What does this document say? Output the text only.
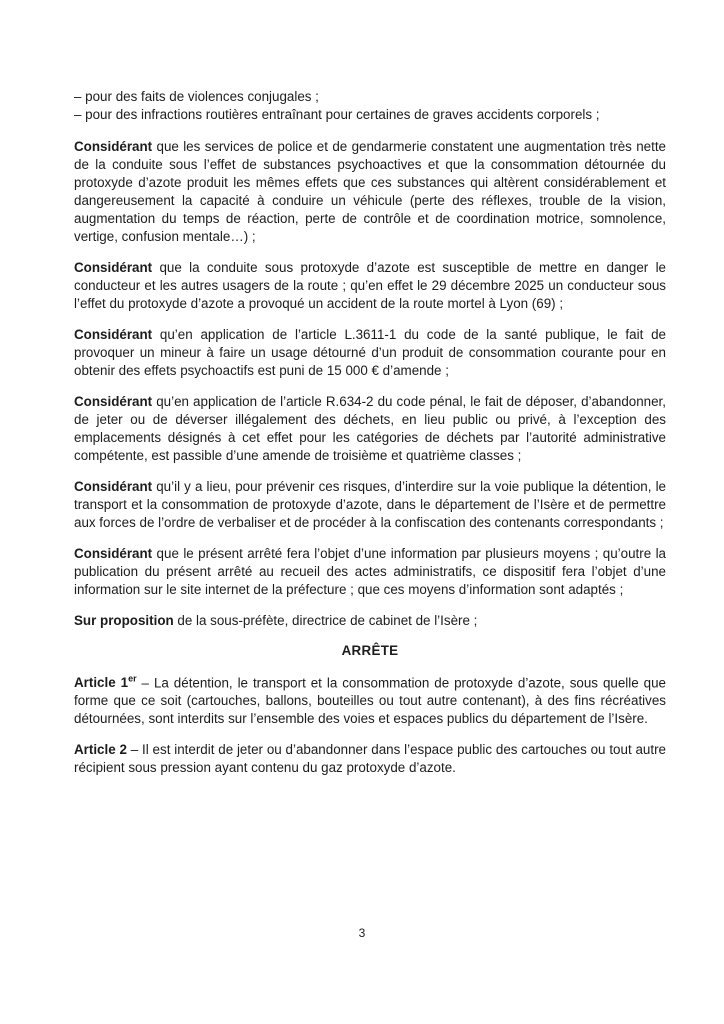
– pour des faits de violences conjugales ;
– pour des infractions routières entraînant pour certaines de graves accidents corporels ;

Considérant que les services de police et de gendarmerie constatent une augmentation très nette de la conduite sous l’effet de substances psychoactives et que la consommation détournée du protoxyde d’azote produit les mêmes effets que ces substances qui altèrent considérablement et dangereusement la capacité à conduire un véhicule (perte des réflexes, trouble de la vision, augmentation du temps de réaction, perte de contrôle et de coordination motrice, somnolence, vertige, confusion mentale…) ;

Considérant que la conduite sous protoxyde d’azote est susceptible de mettre en danger le conducteur et les autres usagers de la route ; qu’en effet le 29 décembre 2025 un conducteur sous l’effet du protoxyde d’azote a provoqué un accident de la route mortel à Lyon (69) ;

Considérant qu’en application de l’article L.3611-1 du code de la santé publique, le fait de provoquer un mineur à faire un usage détourné d’un produit de consommation courante pour en obtenir des effets psychoactifs est puni de 15 000 € d’amende ;

Considérant qu’en application de l’article R.634-2 du code pénal, le fait de déposer, d’abandonner, de jeter ou de déverser illégalement des déchets, en lieu public ou privé, à l’exception des emplacements désignés à cet effet pour les catégories de déchets par l’autorité administrative compétente, est passible d’une amende de troisième et quatrième classes ;

Considérant qu’il y a lieu, pour prévenir ces risques, d’interdire sur la voie publique la détention, le transport et la consommation de protoxyde d’azote, dans le département de l’Isère et de permettre aux forces de l’ordre de verbaliser et de procéder à la confiscation des contenants correspondants ;

Considérant que le présent arrêté fera l’objet d’une information par plusieurs moyens ; qu’outre la publication du présent arrêté au recueil des actes administratifs, ce dispositif fera l’objet d’une information sur le site internet de la préfecture ; que ces moyens d’information sont adaptés ;

Sur proposition de la sous-préfète, directrice de cabinet de l’Isère ;

ARRÊTE

Article 1er – La détention, le transport et la consommation de protoxyde d’azote, sous quelle que forme que ce soit (cartouches, ballons, bouteilles ou tout autre contenant), à des fins récréatives détournées, sont interdits sur l’ensemble des voies et espaces publics du département de l’Isère.

Article 2 – Il est interdit de jeter ou d’abandonner dans l’espace public des cartouches ou tout autre récipient sous pression ayant contenu du gaz protoxyde d’azote.

3
